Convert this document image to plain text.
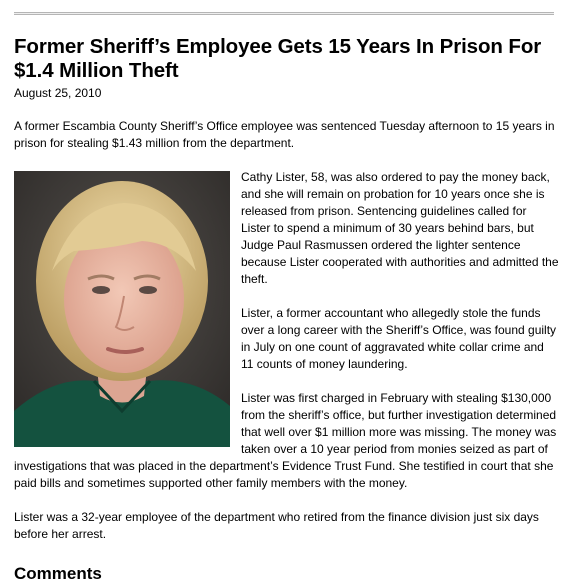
Former Sheriff’s Employee Gets 15 Years In Prison For $1.4 Million Theft

August 25, 2010

A former Escambia County Sheriff’s Office employee was sentenced Tuesday afternoon to 15 years in prison for stealing $1.43 million from the department.

Cathy Lister, 58, was also ordered to pay the money back, and she will remain on probation for 10 years once she is released from prison. Sentencing guidelines called for Lister to spend a minimum of 30 years behind bars, but Judge Paul Rasmussen ordered the lighter sentence because Lister cooperated with authorities and admitted the theft.

Lister, a former accountant who allegedly stole the funds over a long career with the Sheriff’s Office, was found guilty in July on one count of aggravated white collar crime and 11 counts of money laundering.

Lister was first charged in February with stealing $130,000 from the sheriff’s office, but further investigation determined that well over $1 million more was missing. The money was taken over a 10 year period from monies seized as part of investigations that was placed in the department’s Evidence Trust Fund. She testified in court that she paid bills and sometimes supported other family members with the money.

Lister was a 32-year employee of the department who retired from the finance division just six days before her arrest.

Comments
